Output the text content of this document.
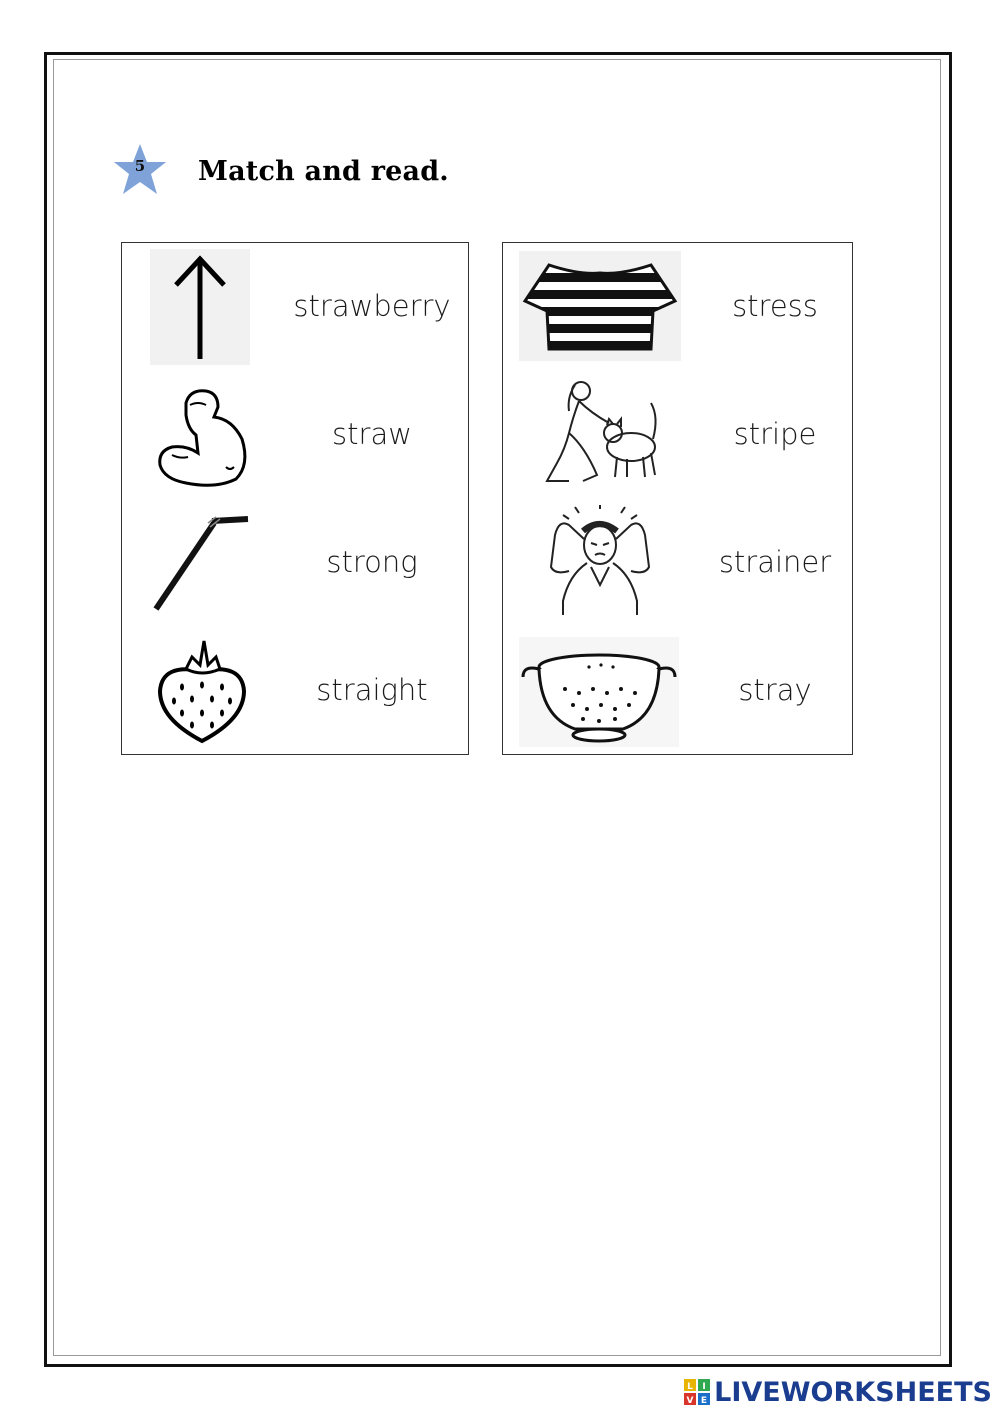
5	Match and read.
strawberry
straw
strong
straight
stress
stripe
strainer
stray
L I
V E LIVEWORKSHEETS
